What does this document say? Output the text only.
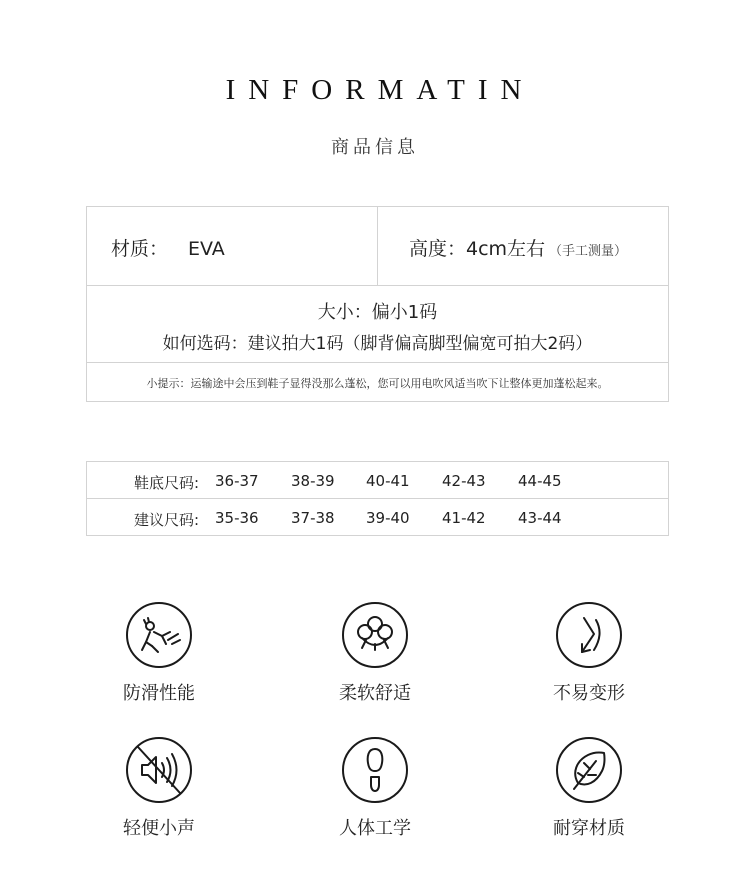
INFORMATIN
商品信息
材质： EVA	高度：4cm左右 （手工测量）
大小：偏小1码
如何选码：建议拍大1码（脚背偏高脚型偏宽可拍大2码）
小提示：运输途中会压到鞋子显得没那么蓬松，您可以用电吹风适当吹下让整体更加蓬松起来。
鞋底尺码: 36-37 38-39 40-41 42-43 44-45
建议尺码: 35-36 37-38 39-40 41-42 43-44
防滑性能	柔软舒适	不易变形
轻便小声	人体工学	耐穿材质
